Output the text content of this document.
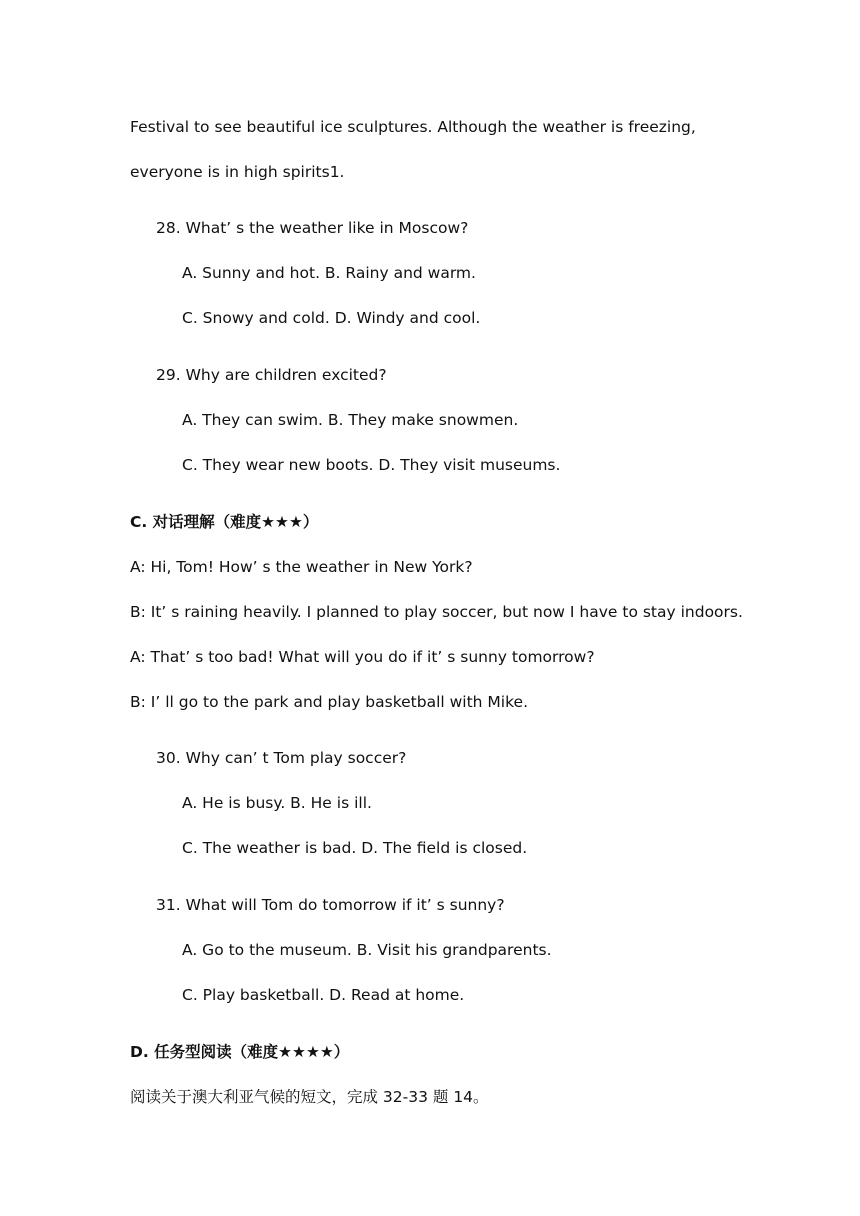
Festival to see beautiful ice sculptures. Although the weather is freezing,
everyone is in high spirits1.
28. What’ s the weather like in Moscow?
A. Sunny and hot. B. Rainy and warm.
C. Snowy and cold. D. Windy and cool.
29. Why are children excited?
A. They can swim. B. They make snowmen.
C. They wear new boots. D. They visit museums.
C. 对话理解（难度★★★）
A: Hi, Tom! How’ s the weather in New York?
B: It’ s raining heavily. I planned to play soccer, but now I have to stay indoors.
A: That’ s too bad! What will you do if it’ s sunny tomorrow?
B: I’ ll go to the park and play basketball with Mike.
30. Why can’ t Tom play soccer?
A. He is busy. B. He is ill.
C. The weather is bad. D. The field is closed.
31. What will Tom do tomorrow if it’ s sunny?
A. Go to the museum. B. Visit his grandparents.
C. Play basketball. D. Read at home.
D. 任务型阅读（难度★★★★）
阅读关于澳大利亚气候的短文，完成 32-33 题 14。
